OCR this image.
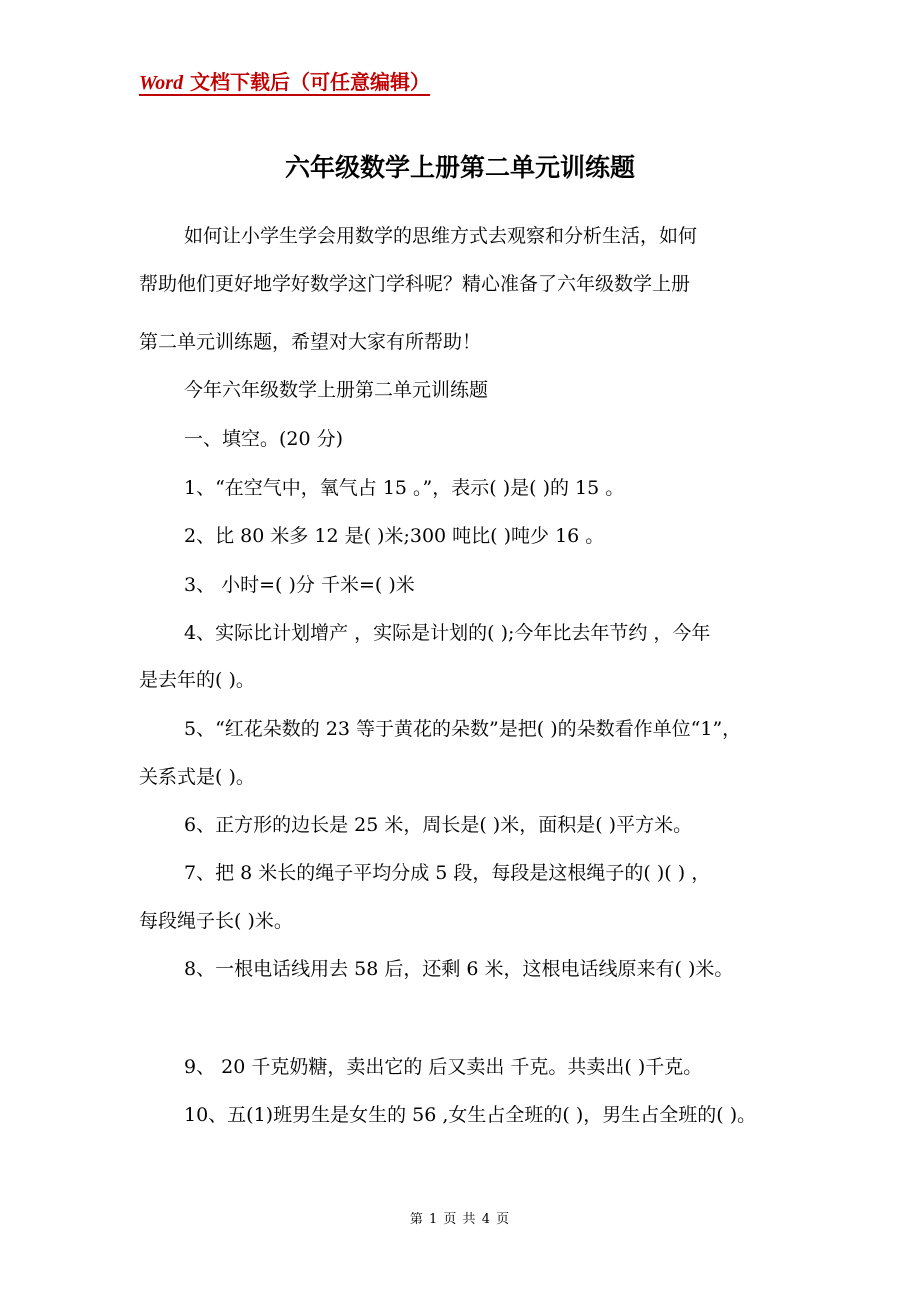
Word 文档下载后（可任意编辑）
六年级数学上册第二单元训练题

如何让小学生学会用数学的思维方式去观察和分析生活，如何

帮助他们更好地学好数学这门学科呢？精心准备了六年级数学上册

第二单元训练题，希望对大家有所帮助！

今年六年级数学上册第二单元训练题

一、填空。(20 分)

1、“在空气中，氧气占 15 。”，表示( )是( )的 15 。

2、比 80 米多 12 是( )米;300 吨比( )吨少 16 。

3、 小时=( )分 千米=( )米

4、实际比计划增产 ，实际是计划的( );今年比去年节约 ，今年

是去年的( )。

5、“红花朵数的 23 等于黄花的朵数”是把( )的朵数看作单位“1”，

关系式是( )。

6、正方形的边长是 25 米，周长是( )米，面积是( )平方米。

7、把 8 米长的绳子平均分成 5 段，每段是这根绳子的( )( ) ，

每段绳子长( )米。

8、一根电话线用去 58 后，还剩 6 米，这根电话线原来有( )米。

9、 20 千克奶糖，卖出它的 后又卖出 千克。共卖出( )千克。

10、五(1)班男生是女生的 56 ,女生占全班的( )，男生占全班的( )。

第 1 页 共 4 页
